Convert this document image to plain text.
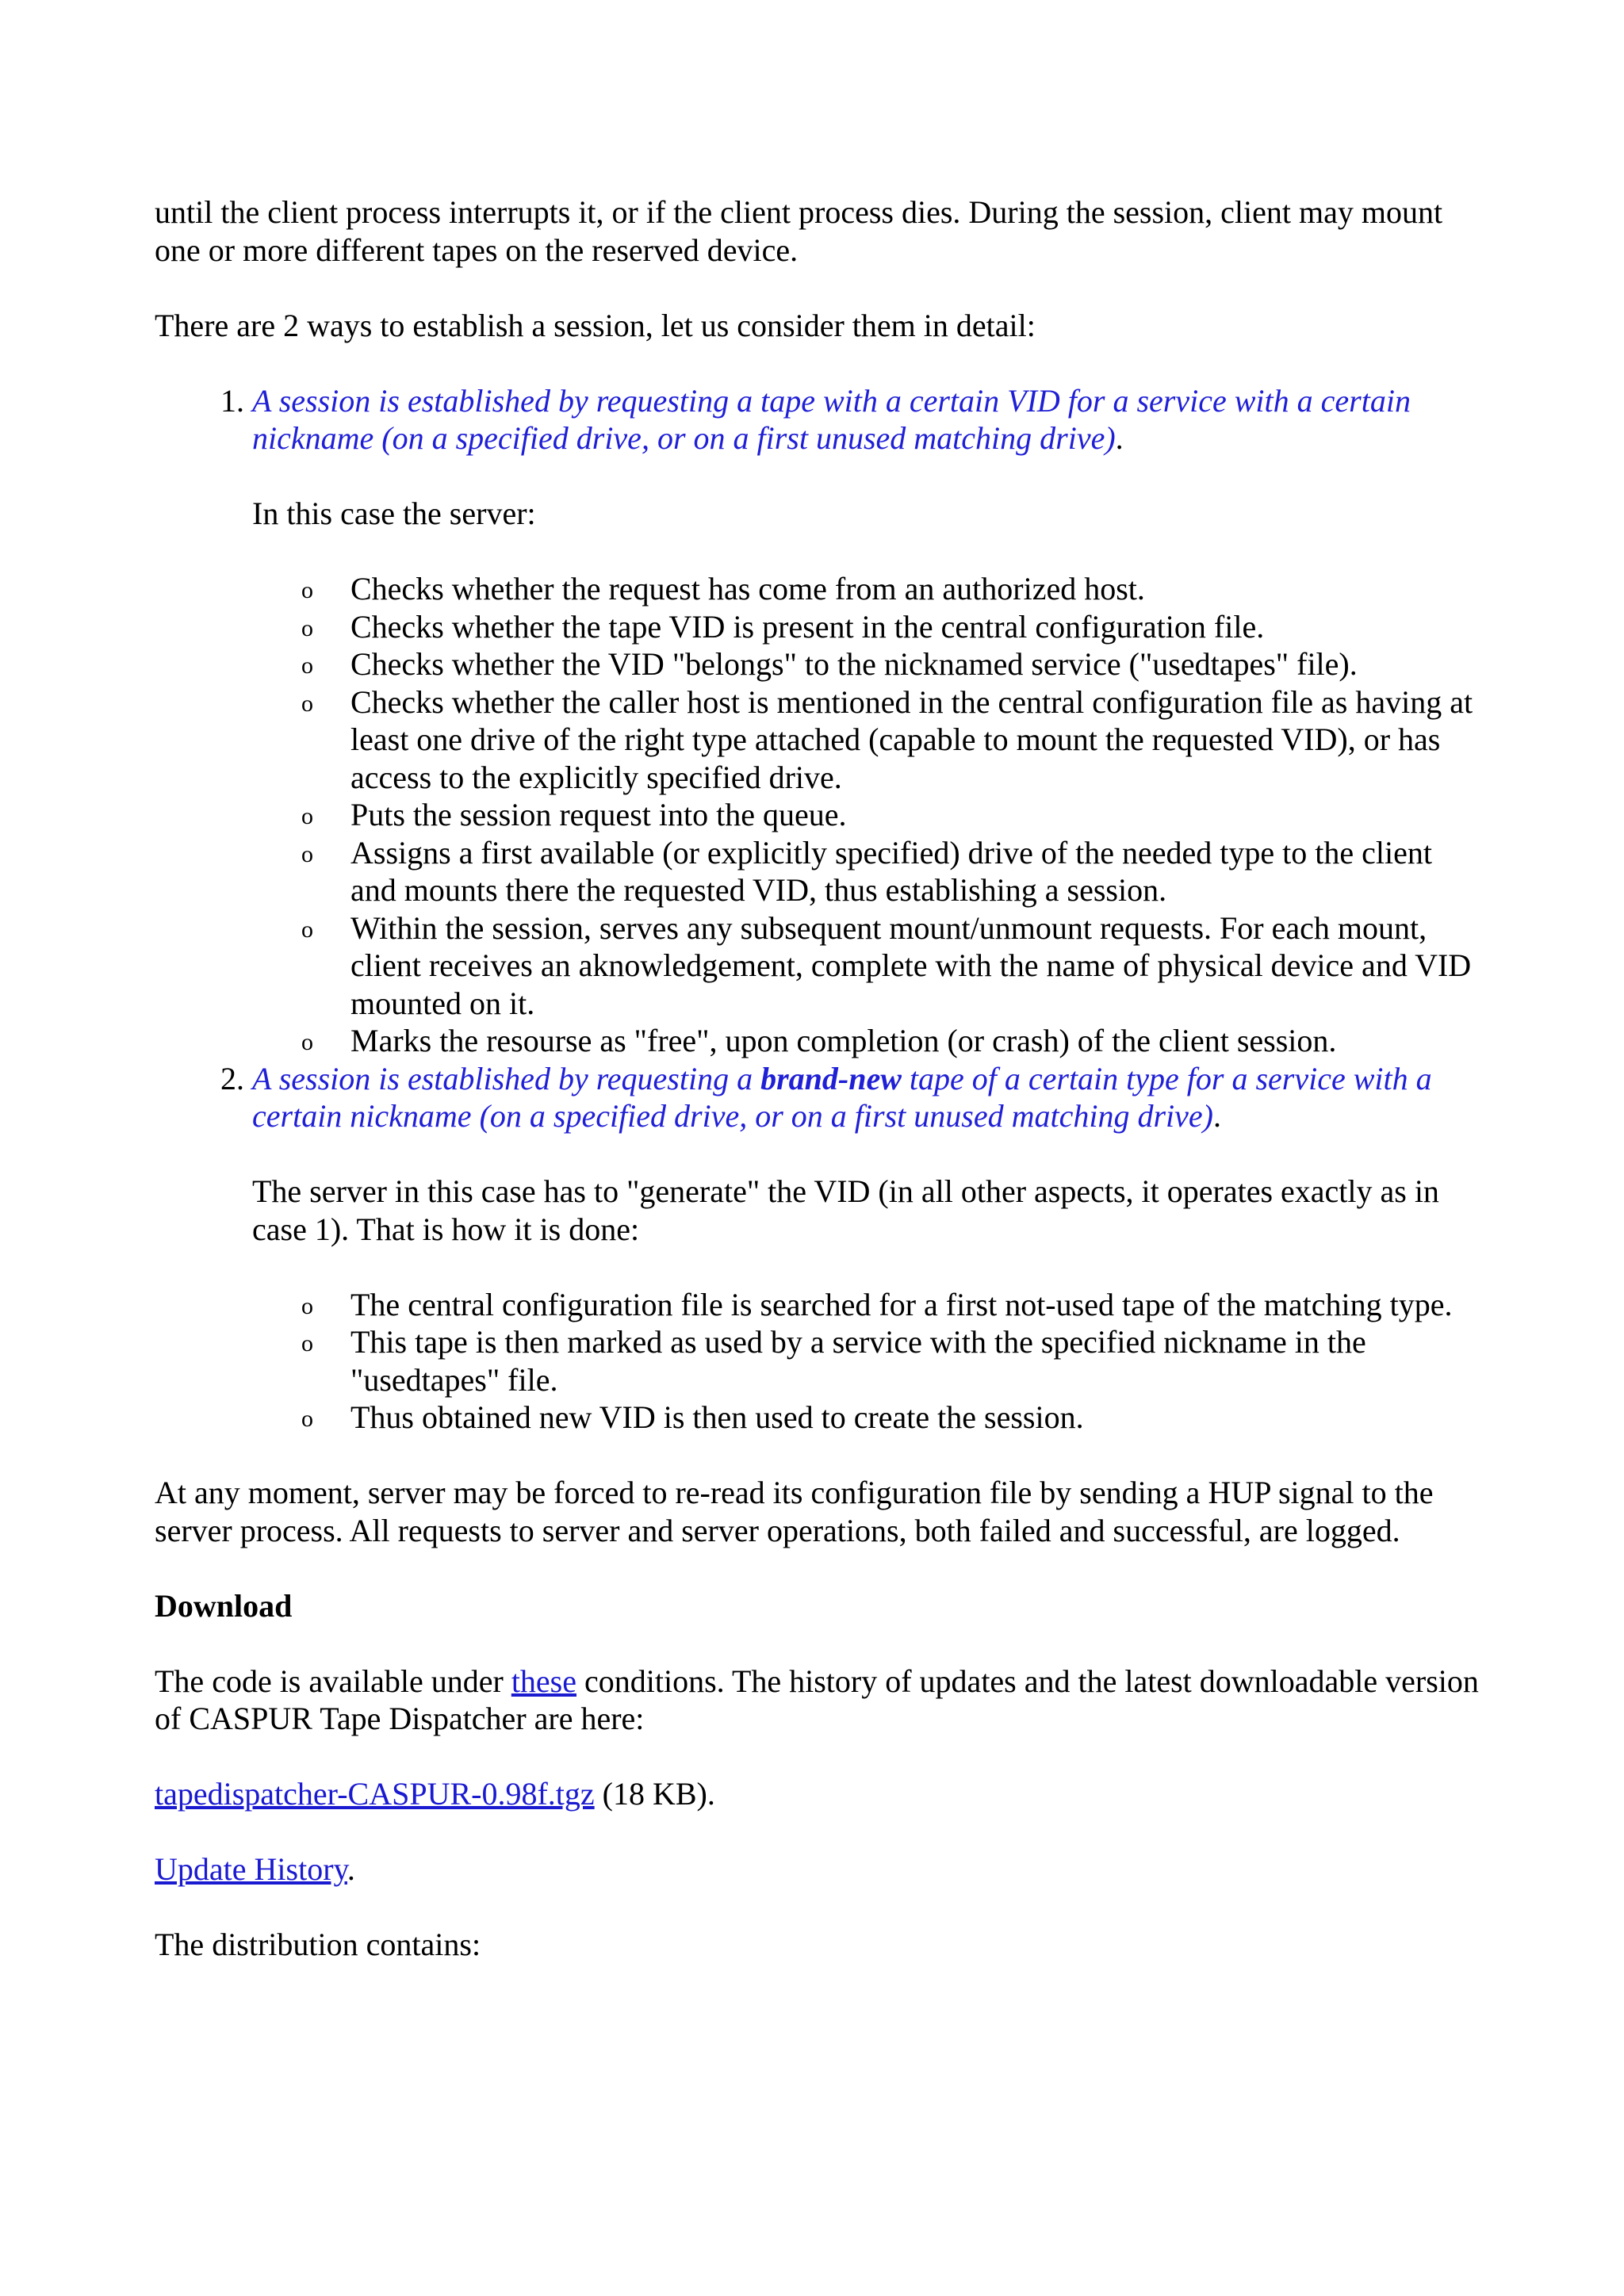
until the client process interrupts it, or if the client process dies. During the session, client may mount one or more different tapes on the reserved device.

There are 2 ways to establish a session, let us consider them in detail:

1. A session is established by requesting a tape with a certain VID for a service with a certain nickname (on a specified drive, or on a first unused matching drive).
In this case the server:
o Checks whether the request has come from an authorized host.
o Checks whether the tape VID is present in the central configuration file.
o Checks whether the VID "belongs" to the nicknamed service ("usedtapes" file).
o Checks whether the caller host is mentioned in the central configuration file as having at least one drive of the right type attached (capable to mount the requested VID), or has access to the explicitly specified drive.
o Puts the session request into the queue.
o Assigns a first available (or explicitly specified) drive of the needed type to the client and mounts there the requested VID, thus establishing a session.
o Within the session, serves any subsequent mount/unmount requests. For each mount, client receives an aknowledgement, complete with the name of physical device and VID mounted on it.
o Marks the resourse as "free", upon completion (or crash) of the client session.
2. A session is established by requesting a brand-new tape of a certain type for a service with a certain nickname (on a specified drive, or on a first unused matching drive).
The server in this case has to "generate" the VID (in all other aspects, it operates exactly as in case 1). That is how it is done:
o The central configuration file is searched for a first not-used tape of the matching type.
o This tape is then marked as used by a service with the specified nickname in the "usedtapes" file.
o Thus obtained new VID is then used to create the session.

At any moment, server may be forced to re-read its configuration file by sending a HUP signal to the server process. All requests to server and server operations, both failed and successful, are logged.

Download

The code is available under these conditions. The history of updates and the latest downloadable version of CASPUR Tape Dispatcher are here:

tapedispatcher-CASPUR-0.98f.tgz (18 KB).

Update History.

The distribution contains:
